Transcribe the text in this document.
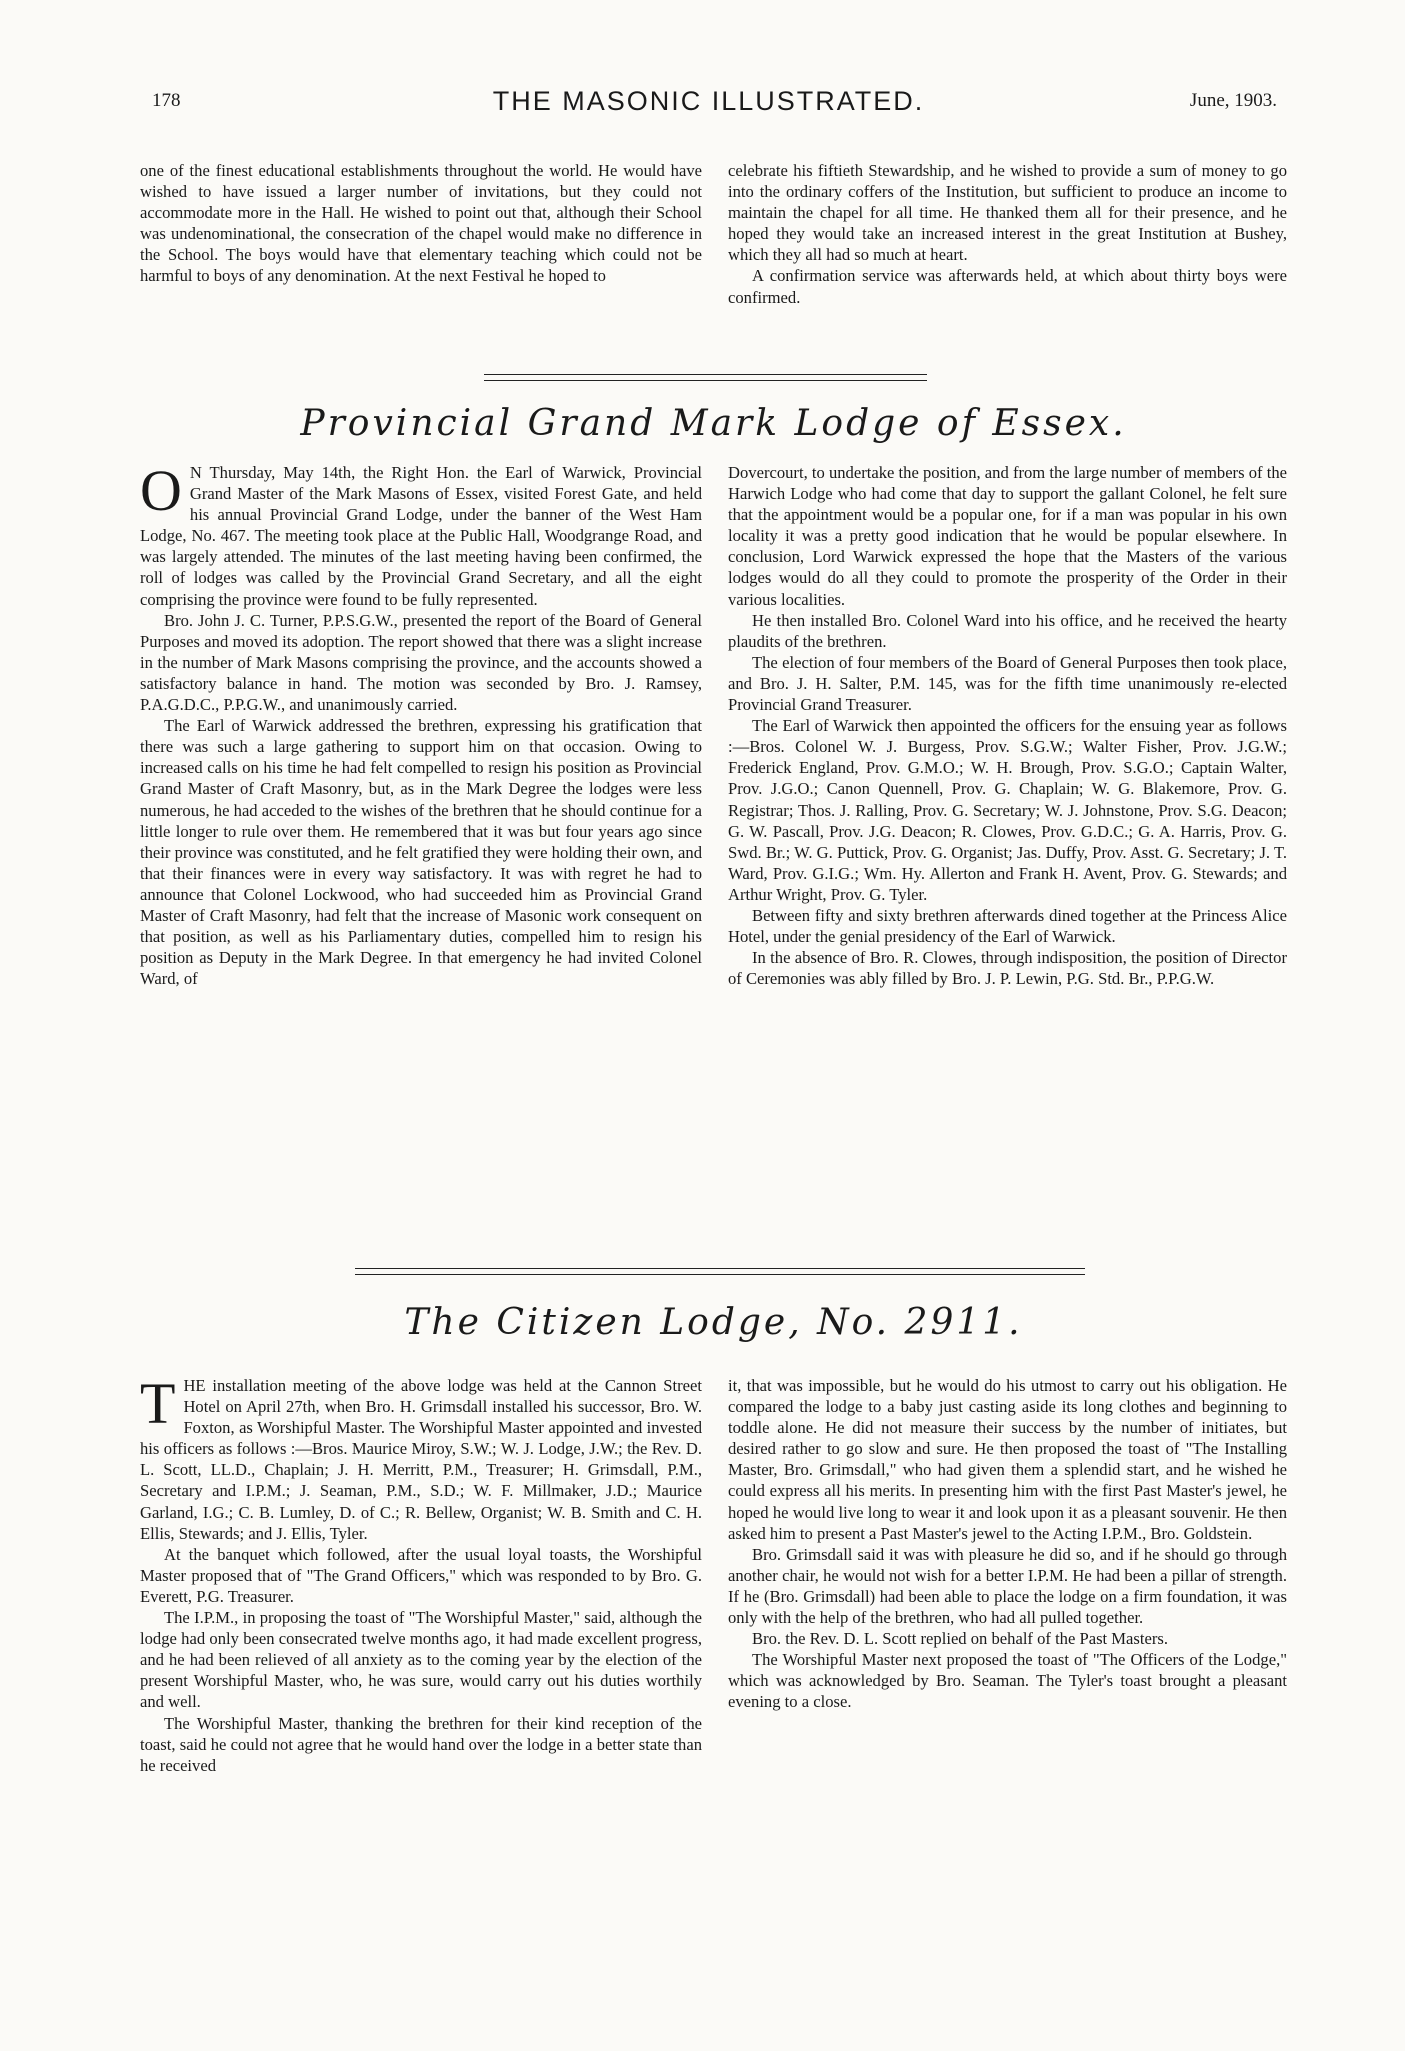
178	THE MASONIC ILLUSTRATED.	June, 1903.

one of the finest educational establishments throughout the world. He would have wished to have issued a larger number of invitations, but they could not accommodate more in the Hall. He wished to point out that, although their School was undenominational, the consecration of the chapel would make no difference in the School. The boys would have that elementary teaching which could not be harmful to boys of any denomination. At the next Festival he hoped to

celebrate his fiftieth Stewardship, and he wished to provide a sum of money to go into the ordinary coffers of the Institution, but sufficient to produce an income to maintain the chapel for all time. He thanked them all for their presence, and he hoped they would take an increased interest in the great Institution at Bushey, which they all had so much at heart.

A confirmation service was afterwards held, at which about thirty boys were confirmed.

Provincial Grand Mark Lodge of Essex.

O N Thursday, May 14th, the Right Hon. the Earl of Warwick, Provincial Grand Master of the Mark Masons of Essex, visited Forest Gate, and held his annual Provincial Grand Lodge, under the banner of the West Ham Lodge, No. 467. The meeting took place at the Public Hall, Woodgrange Road, and was largely attended. The minutes of the last meeting having been confirmed, the roll of lodges was called by the Provincial Grand Secretary, and all the eight comprising the province were found to be fully represented.

Bro. John J. C. Turner, P.P.S.G.W., presented the report of the Board of General Purposes and moved its adoption. The report showed that there was a slight increase in the number of Mark Masons comprising the province, and the accounts showed a satisfactory balance in hand. The motion was seconded by Bro. J. Ramsey, P.A.G.D.C., P.P.G.W., and unanimously carried.

The Earl of Warwick addressed the brethren, expressing his gratification that there was such a large gathering to support him on that occasion. Owing to increased calls on his time he had felt compelled to resign his position as Provincial Grand Master of Craft Masonry, but, as in the Mark Degree the lodges were less numerous, he had acceded to the wishes of the brethren that he should continue for a little longer to rule over them. He remembered that it was but four years ago since their province was constituted, and he felt gratified they were holding their own, and that their finances were in every way satisfactory. It was with regret he had to announce that Colonel Lockwood, who had succeeded him as Provincial Grand Master of Craft Masonry, had felt that the increase of Masonic work consequent on that position, as well as his Parliamentary duties, compelled him to resign his position as Deputy in the Mark Degree. In that emergency he had invited Colonel Ward, of

Dovercourt, to undertake the position, and from the large number of members of the Harwich Lodge who had come that day to support the gallant Colonel, he felt sure that the appointment would be a popular one, for if a man was popular in his own locality it was a pretty good indication that he would be popular elsewhere. In conclusion, Lord Warwick expressed the hope that the Masters of the various lodges would do all they could to promote the prosperity of the Order in their various localities.

He then installed Bro. Colonel Ward into his office, and he received the hearty plaudits of the brethren.

The election of four members of the Board of General Purposes then took place, and Bro. J. H. Salter, P.M. 145, was for the fifth time unanimously re-elected Provincial Grand Treasurer.

The Earl of Warwick then appointed the officers for the ensuing year as follows :—Bros. Colonel W. J. Burgess, Prov. S.G.W.; Walter Fisher, Prov. J.G.W.; Frederick England, Prov. G.M.O.; W. H. Brough, Prov. S.G.O.; Captain Walter, Prov. J.G.O.; Canon Quennell, Prov. G. Chaplain; W. G. Blakemore, Prov. G. Registrar; Thos. J. Ralling, Prov. G. Secretary; W. J. Johnstone, Prov. S.G. Deacon; G. W. Pascall, Prov. J.G. Deacon; R. Clowes, Prov. G.D.C.; G. A. Harris, Prov. G. Swd. Br.; W. G. Puttick, Prov. G. Organist; Jas. Duffy, Prov. Asst. G. Secretary; J. T. Ward, Prov. G.I.G.; Wm. Hy. Allerton and Frank H. Avent, Prov. G. Stewards; and Arthur Wright, Prov. G. Tyler.

Between fifty and sixty brethren afterwards dined together at the Princess Alice Hotel, under the genial presidency of the Earl of Warwick.

In the absence of Bro. R. Clowes, through indisposition, the position of Director of Ceremonies was ably filled by Bro. J. P. Lewin, P.G. Std. Br., P.P.G.W.

The Citizen Lodge, No. 2911.

THE installation meeting of the above lodge was held at the Cannon Street Hotel on April 27th, when Bro. H. Grimsdall installed his successor, Bro. W. Foxton, as Worshipful Master. The Worshipful Master appointed and invested his officers as follows :—Bros. Maurice Miroy, S.W.; W. J. Lodge, J.W.; the Rev. D. L. Scott, LL.D., Chaplain; J. H. Merritt, P.M., Treasurer; H. Grimsdall, P.M., Secretary and I.P.M.; J. Seaman, P.M., S.D.; W. F. Millmaker, J.D.; Maurice Garland, I.G.; C. B. Lumley, D. of C.; R. Bellew, Organist; W. B. Smith and C. H. Ellis, Stewards; and J. Ellis, Tyler.

At the banquet which followed, after the usual loyal toasts, the Worshipful Master proposed that of "The Grand Officers," which was responded to by Bro. G. Everett, P.G. Treasurer.

The I.P.M., in proposing the toast of "The Worshipful Master," said, although the lodge had only been consecrated twelve months ago, it had made excellent progress, and he had been relieved of all anxiety as to the coming year by the election of the present Worshipful Master, who, he was sure, would carry out his duties worthily and well.

The Worshipful Master, thanking the brethren for their kind reception of the toast, said he could not agree that he would hand over the lodge in a better state than he received

it, that was impossible, but he would do his utmost to carry out his obligation. He compared the lodge to a baby just casting aside its long clothes and beginning to toddle alone. He did not measure their success by the number of initiates, but desired rather to go slow and sure. He then proposed the toast of "The Installing Master, Bro. Grimsdall," who had given them a splendid start, and he wished he could express all his merits. In presenting him with the first Past Master's jewel, he hoped he would live long to wear it and look upon it as a pleasant souvenir. He then asked him to present a Past Master's jewel to the Acting I.P.M., Bro. Goldstein.

Bro. Grimsdall said it was with pleasure he did so, and if he should go through another chair, he would not wish for a better I.P.M. He had been a pillar of strength. If he (Bro. Grimsdall) had been able to place the lodge on a firm foundation, it was only with the help of the brethren, who had all pulled together.

Bro. the Rev. D. L. Scott replied on behalf of the Past Masters.

The Worshipful Master next proposed the toast of "The Officers of the Lodge," which was acknowledged by Bro. Seaman. The Tyler's toast brought a pleasant evening to a close.
